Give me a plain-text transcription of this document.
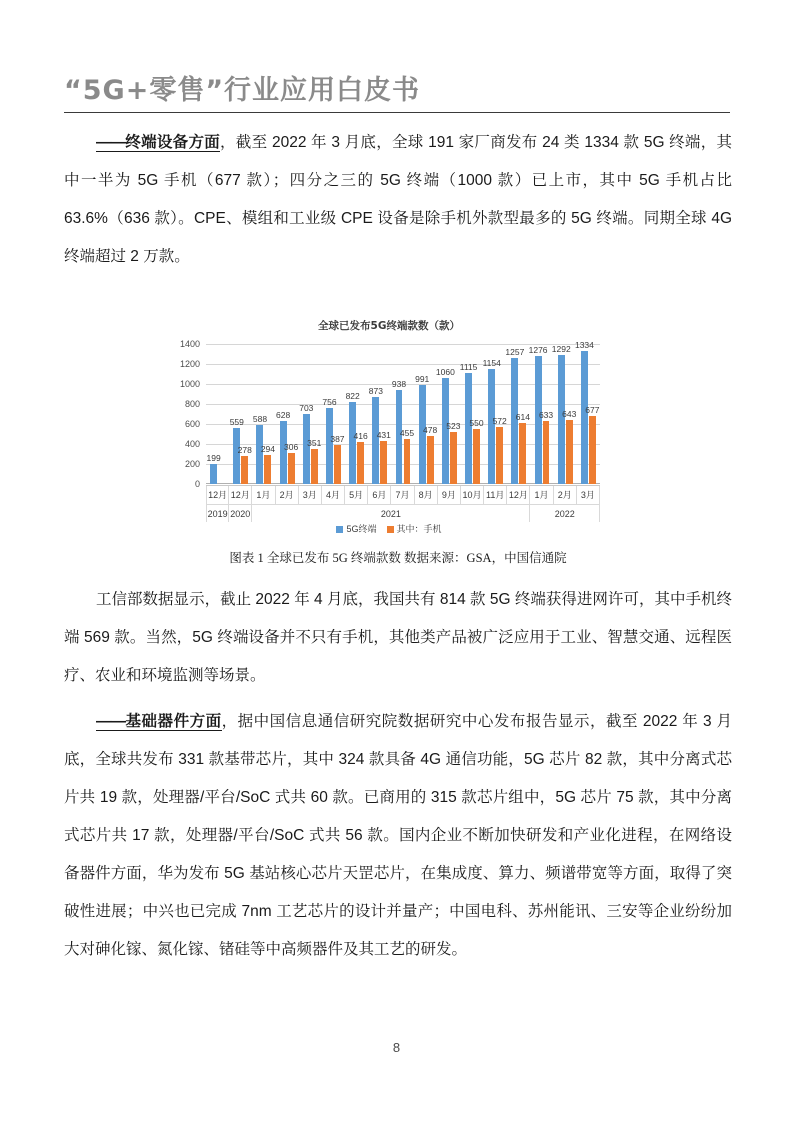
“5G+零售”行业应用白皮书
——终端设备方面，截至 2022 年 3 月底，全球 191 家厂商发布 24 类 1334 款 5G 终端，其中一半为 5G 手机（677 款）；四分之三的 5G 终端（1000 款）已上市，其中 5G 手机占比 63.6%（636 款）。CPE、模组和工业级 CPE 设备是除手机外款型最多的 5G 终端。同期全球 4G 终端超过 2 万款。
全球已发布5G终端款数（款）
0
200
400
600
800
1000
1200
1400
199
559
278
588
294
628
306
703
351
756
387
822
416
873
431
938
455
991
478
1060
523
1115
550
1154
572
1257
614
1276
633
1292
643
1334
677
12月 12月 1月	2月	3月	4月	5月	6月	7月	8月	9月 10月 11月 12月 1月	2月	3月
2019 2020	2021	2022
5G终端 其中：手机
图表 1 全球已发布 5G 终端款数 数据来源：GSA，中国信通院
工信部数据显示，截止 2022 年 4 月底，我国共有 814 款 5G 终端获得进网许可，其中手机终端 569 款。当然，5G 终端设备并不只有手机，其他类产品被广泛应用于工业、智慧交通、远程医疗、农业和环境监测等场景。
——基础器件方面，据中国信息通信研究院数据研究中心发布报告显示，截至 2022 年 3 月底，全球共发布 331 款基带芯片，其中 324 款具备 4G 通信功能，5G 芯片 82 款，其中分离式芯片共 19 款，处理器/平台/SoC 式共 60 款。已商用的 315 款芯片组中，5G 芯片 75 款，其中分离式芯片共 17 款，处理器/平台/SoC 式共 56 款。国内企业不断加快研发和产业化进程，在网络设备器件方面，华为发布 5G 基站核心芯片天罡芯片，在集成度、算力、频谱带宽等方面，取得了突破性进展；中兴也已完成 7nm 工艺芯片的设计并量产；中国电科、苏州能讯、三安等企业纷纷加大对砷化镓、氮化镓、锗硅等中高频器件及其工艺的研发。
8
